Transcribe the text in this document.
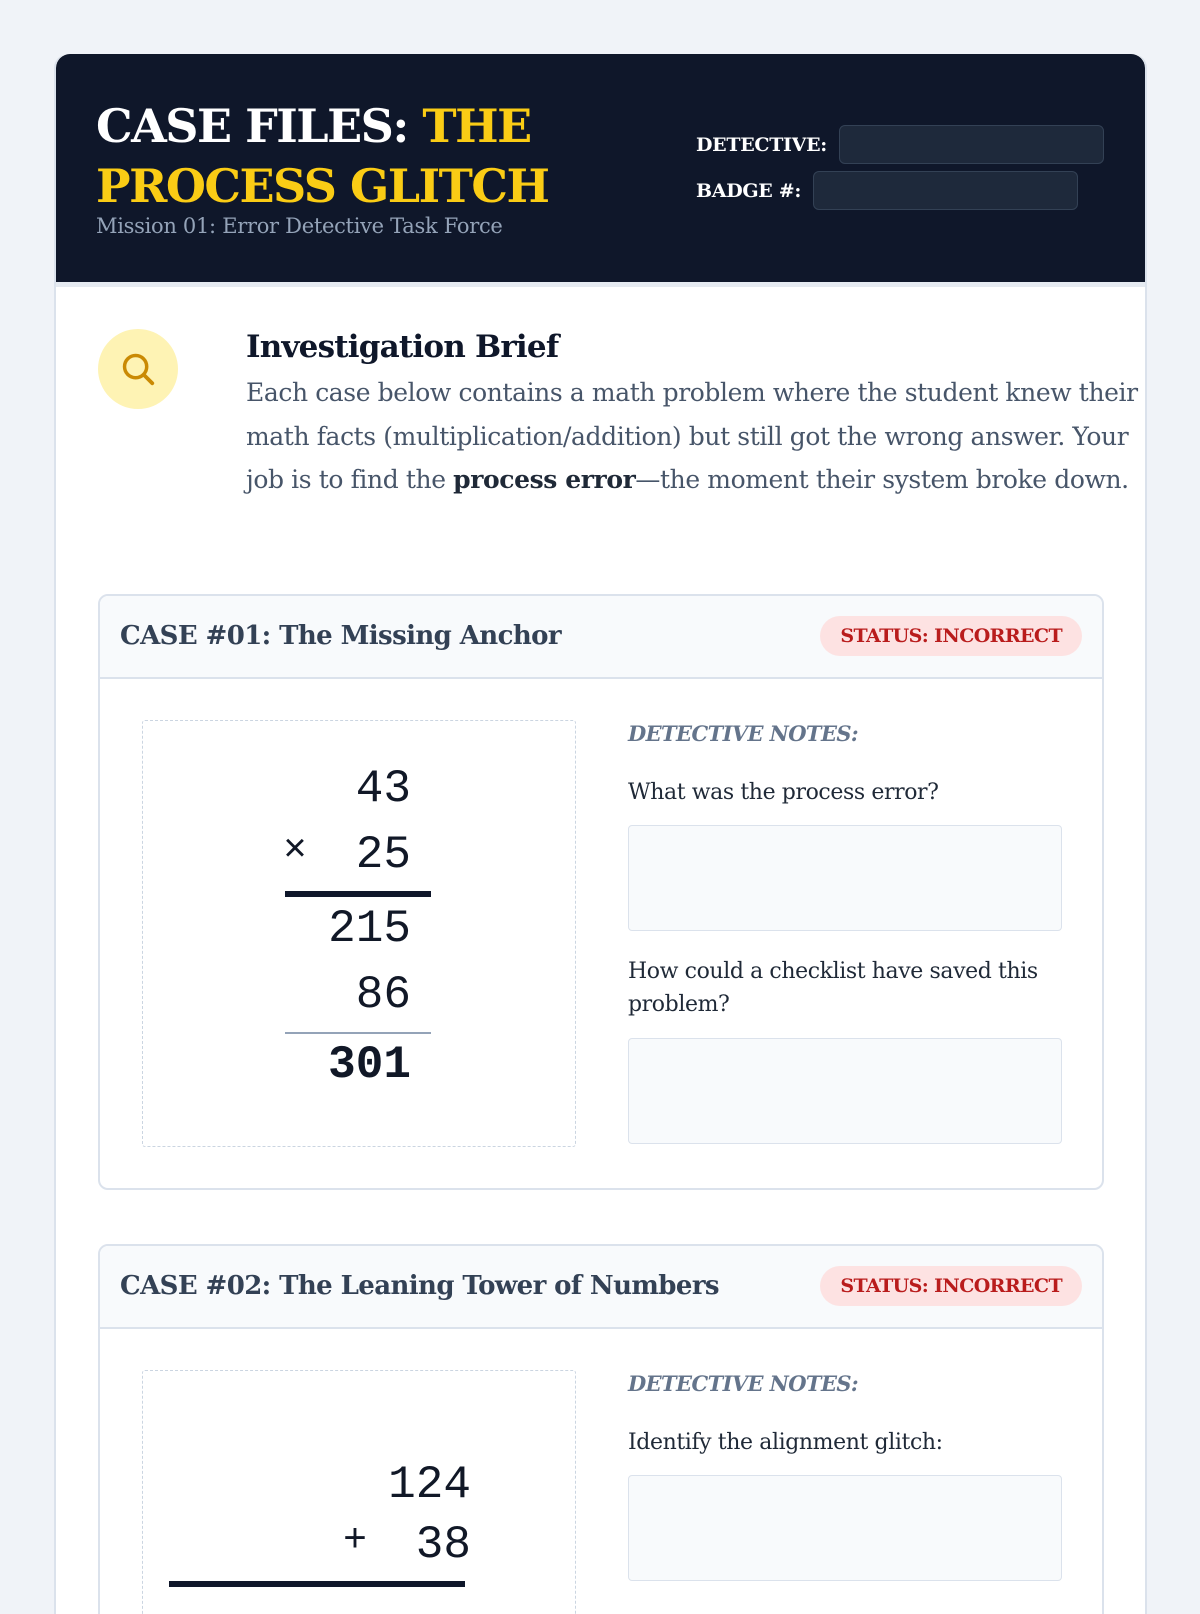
CASE FILES: THE PROCESS GLITCH
Mission 01: Error Detective Task Force
DETECTIVE:
BADGE #:
Investigation Brief
Each case below contains a math problem where the student knew their math facts (multiplication/addition) but still got the wrong answer. Your job is to find the process error—the moment their system broke down.
CASE #01: The Missing Anchor	STATUS: INCORRECT
43
× 25
215
86
301
DETECTIVE NOTES:
What was the process error?
How could a checklist have saved this problem?
CASE #02: The Leaning Tower of Numbers	STATUS: INCORRECT
124
+ 38
DETECTIVE NOTES:
Identify the alignment glitch:
